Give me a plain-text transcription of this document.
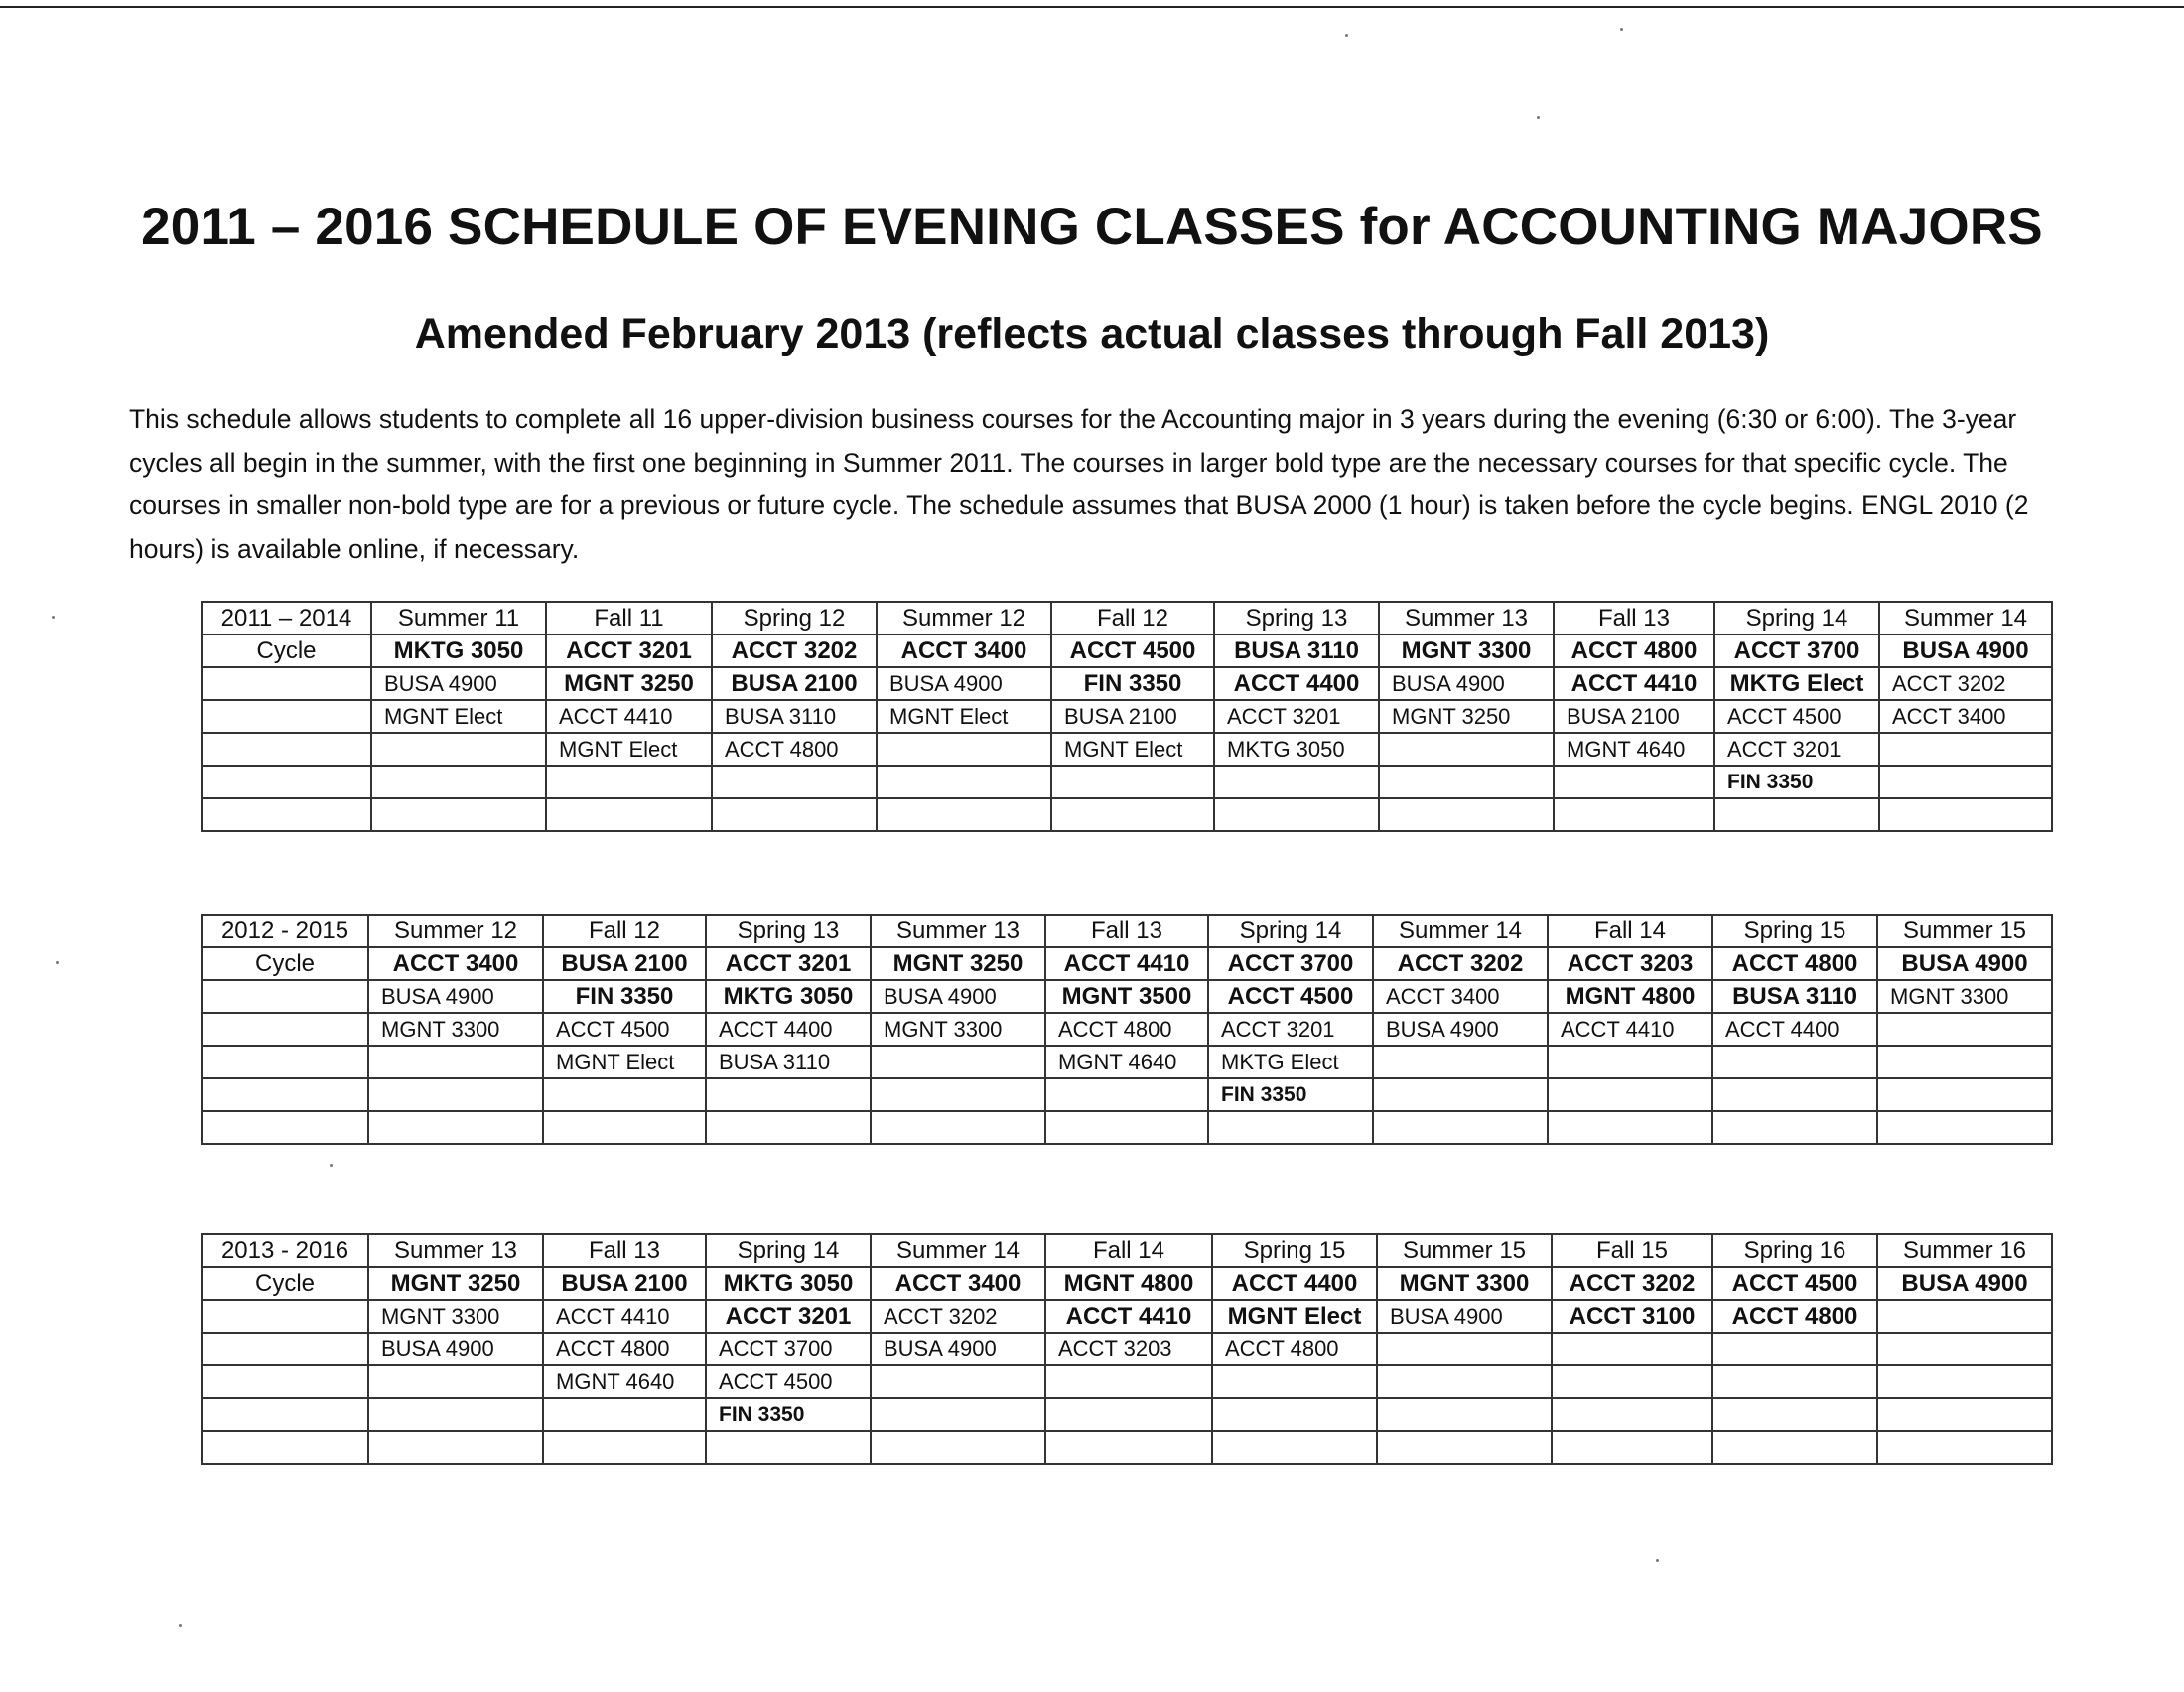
2011 – 2016 SCHEDULE OF EVENING CLASSES for ACCOUNTING MAJORS
Amended February 2013 (reflects actual classes through Fall 2013)

This schedule allows students to complete all 16 upper-division business courses for the Accounting major in 3 years during the evening (6:30 or 6:00). The 3-year cycles all begin in the summer, with the first one beginning in Summer 2011. The courses in larger bold type are the necessary courses for that specific cycle. The courses in smaller non-bold type are for a previous or future cycle. The schedule assumes that BUSA 2000 (1 hour) is taken before the cycle begins. ENGL 2010 (2 hours) is available online, if necessary.

2011 – 2014	Summer 11	Fall 11	Spring 12	Summer 12	Fall 12	Spring 13	Summer 13	Fall 13	Spring 14	Summer 14
Cycle	MKTG 3050	ACCT 3201	ACCT 3202	ACCT 3400	ACCT 4500	BUSA 3110	MGNT 3300	ACCT 4800	ACCT 3700	BUSA 4900
	BUSA 4900	MGNT 3250	BUSA 2100	BUSA 4900	FIN 3350	ACCT 4400	BUSA 4900	ACCT 4410	MKTG Elect	ACCT 3202
	MGNT Elect	ACCT 4410	BUSA 3110	MGNT Elect	BUSA 2100	ACCT 3201	MGNT 3250	BUSA 2100	ACCT 4500	ACCT 3400
		MGNT Elect	ACCT 4800		MGNT Elect	MKTG 3050		MGNT 4640	ACCT 3201	
									FIN 3350	

2012 - 2015	Summer 12	Fall 12	Spring 13	Summer 13	Fall 13	Spring 14	Summer 14	Fall 14	Spring 15	Summer 15
Cycle	ACCT 3400	BUSA 2100	ACCT 3201	MGNT 3250	ACCT 4410	ACCT 3700	ACCT 3202	ACCT 3203	ACCT 4800	BUSA 4900
	BUSA 4900	FIN 3350	MKTG 3050	BUSA 4900	MGNT 3500	ACCT 4500	ACCT 3400	MGNT 4800	BUSA 3110	MGNT 3300
	MGNT 3300	ACCT 4500	ACCT 4400	MGNT 3300	ACCT 4800	ACCT 3201	BUSA 4900	ACCT 4410	ACCT 4400	
		MGNT Elect	BUSA 3110		MGNT 4640	MKTG Elect				
						FIN 3350				

2013 - 2016	Summer 13	Fall 13	Spring 14	Summer 14	Fall 14	Spring 15	Summer 15	Fall 15	Spring 16	Summer 16
Cycle	MGNT 3250	BUSA 2100	MKTG 3050	ACCT 3400	MGNT 4800	ACCT 4400	MGNT 3300	ACCT 3202	ACCT 4500	BUSA 4900
	MGNT 3300	ACCT 4410	ACCT 3201	ACCT 3202	ACCT 4410	MGNT Elect	BUSA 4900	ACCT 3100	ACCT 4800	
	BUSA 4900	ACCT 4800	ACCT 3700	BUSA 4900	ACCT 3203	ACCT 4800				
		MGNT 4640	ACCT 4500							
			FIN 3350							
